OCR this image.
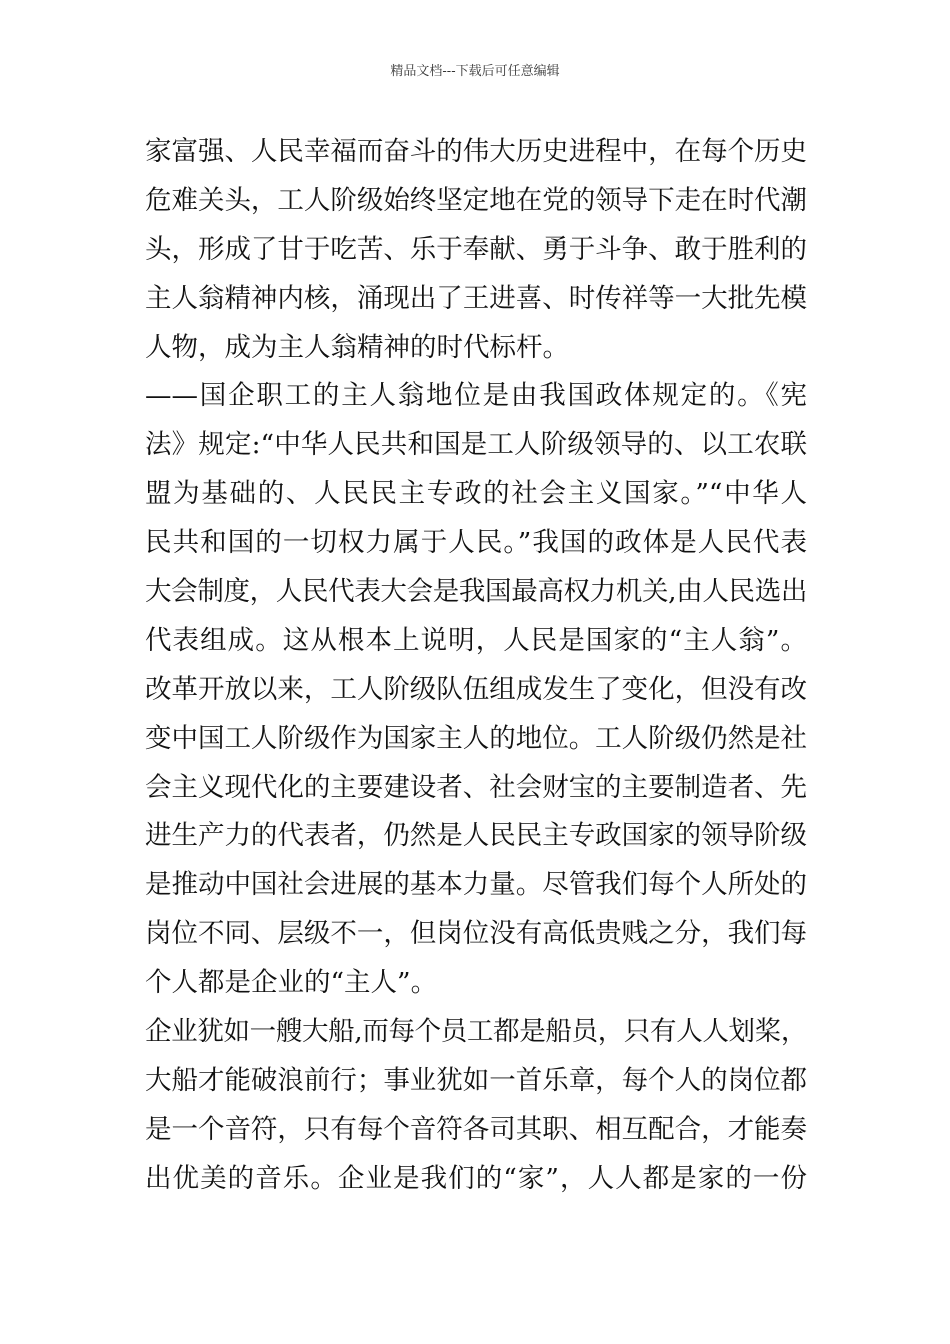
精品文档---下载后可任意编辑
家富强、人民幸福而奋斗的伟大历史进程中，在每个历史
危难关头，工人阶级始终坚定地在党的领导下走在时代潮
头，形成了甘于吃苦、乐于奉献、勇于斗争、敢于胜利的
主人翁精神内核，涌现出了王进喜、时传祥等一大批先模
人物，成为主人翁精神的时代标杆。
——国企职工的主人翁地位是由我国政体规定的。《宪
法》规定:“中华人民共和国是工人阶级领导的、以工农联
盟为基础的、人民民主专政的社会主义国家。”“中华人
民共和国的一切权力属于人民。”我国的政体是人民代表
大会制度，人民代表大会是我国最高权力机关,由人民选出
代表组成。这从根本上说明，人民是国家的“主人翁”。
改革开放以来，工人阶级队伍组成发生了变化，但没有改
变中国工人阶级作为国家主人的地位。工人阶级仍然是社
会主义现代化的主要建设者、社会财宝的主要制造者、先
进生产力的代表者，仍然是人民民主专政国家的领导阶级
是推动中国社会进展的基本力量。尽管我们每个人所处的
岗位不同、层级不一，但岗位没有高低贵贱之分，我们每
个人都是企业的“主人”。
企业犹如一艘大船,而每个员工都是船员，只有人人划桨，
大船才能破浪前行；事业犹如一首乐章，每个人的岗位都
是一个音符，只有每个音符各司其职、相互配合，才能奏
出优美的音乐。企业是我们的“家”，人人都是家的一份
